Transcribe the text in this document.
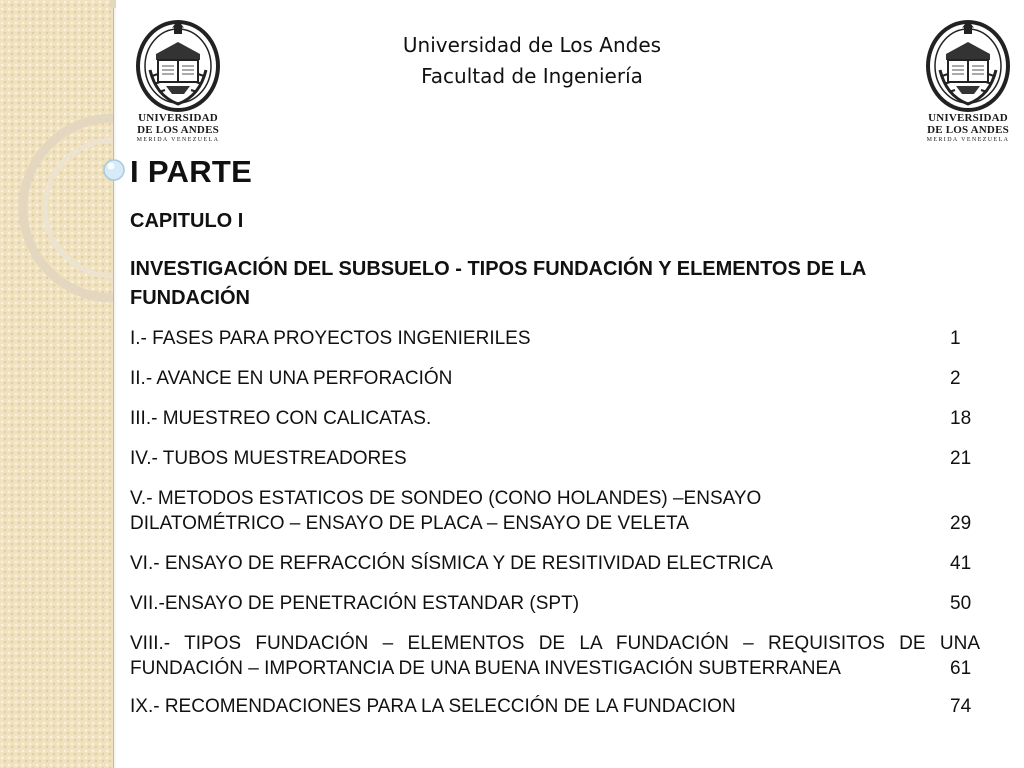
UNIVERSIDAD
DE LOS ANDES
MERIDA VENEZUELA
UNIVERSIDAD
DE LOS ANDES
MERIDA VENEZUELA
Universidad de Los Andes
Facultad de Ingeniería
I PARTE
CAPITULO I
INVESTIGACIÓN DEL SUBSUELO - TIPOS FUNDACIÓN Y ELEMENTOS DE LA FUNDACIÓN
I.- FASES PARA PROYECTOS INGENIERILES	1
II.- AVANCE EN UNA PERFORACIÓN	2
III.- MUESTREO CON CALICATAS.	18
IV.- TUBOS MUESTREADORES	21
V.- METODOS ESTATICOS DE SONDEO (CONO HOLANDES) –ENSAYO DILATOMÉTRICO – ENSAYO DE PLACA – ENSAYO DE VELETA	29
VI.- ENSAYO DE REFRACCIÓN SÍSMICA Y DE RESITIVIDAD ELECTRICA	41
VII.-ENSAYO DE PENETRACIÓN ESTANDAR (SPT)	50
VIII.- TIPOS FUNDACIÓN – ELEMENTOS DE LA FUNDACIÓN – REQUISITOS DE UNA FUNDACIÓN – IMPORTANCIA DE UNA BUENA INVESTIGACIÓN SUBTERRANEA	61
IX.- RECOMENDACIONES PARA LA SELECCIÓN DE LA FUNDACION	74
